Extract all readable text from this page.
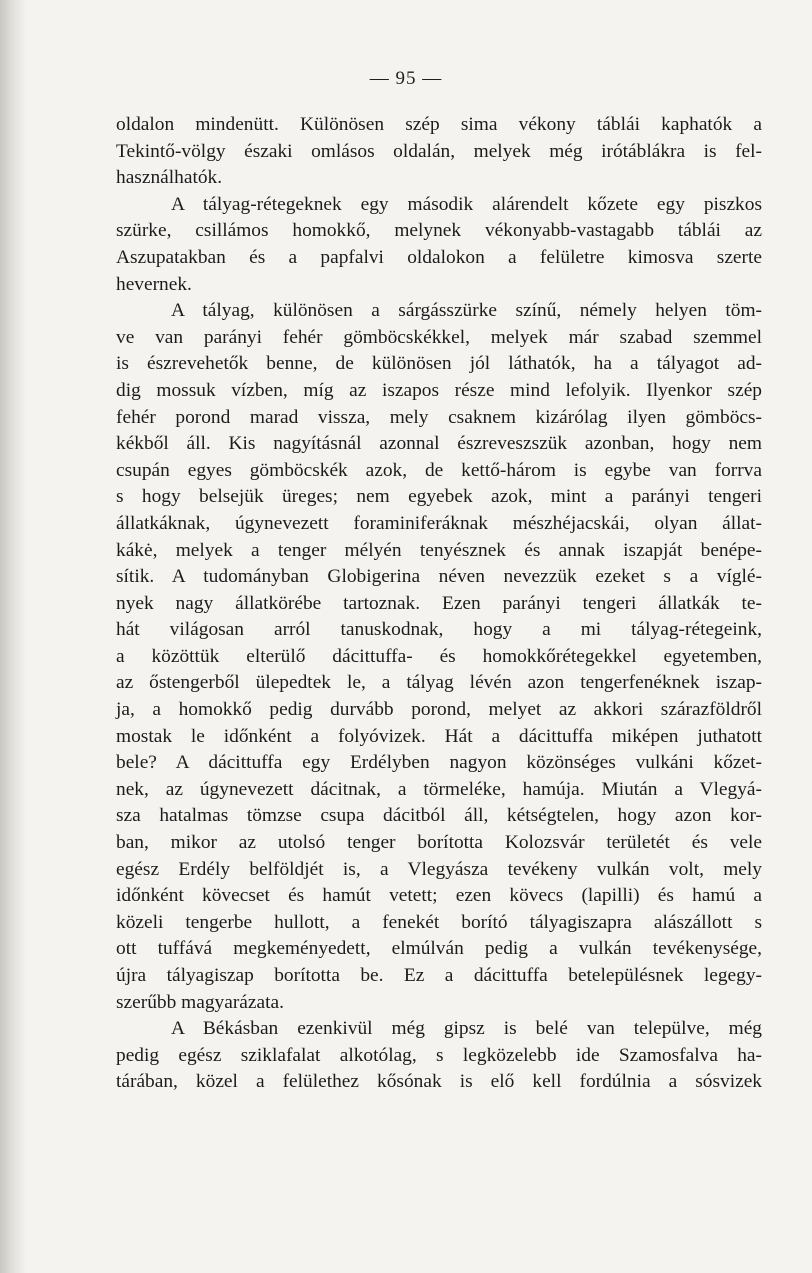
— 95 —
oldalon mindenütt. Különösen szép sima vékony táblái kaphatók a
Tekintő-völgy északi omlásos oldalán, melyek még irótáblákra is fel-
használhatók.
A tályag-rétegeknek egy második alárendelt kőzete egy piszkos
szürke, csillámos homokkő, melynek vékonyabb-vastagabb táblái az
Aszupatakban és a papfalvi oldalokon a felületre kimosva szerte
hevernek.
A tályag, különösen a sárgásszürke színű, némely helyen töm-
ve van parányi fehér gömböcskékkel, melyek már szabad szemmel
is észrevehetők benne, de különösen jól láthatók, ha a tályagot ad-
dig mossuk vízben, míg az iszapos része mind lefolyik. Ilyenkor szép
fehér porond marad vissza, mely csaknem kizárólag ilyen gömböcs-
kékből áll. Kis nagyításnál azonnal észreveszszük azonban, hogy nem
csupán egyes gömböcskék azok, de kettő-három is egybe van forrva
s hogy belsejük üreges; nem egyebek azok, mint a parányi tengeri
állatkáknak, úgynevezett foraminiferáknak mészhéjacskái, olyan állat-
kákė, melyek a tenger mélyén tenyésznek és annak iszapját benépe-
sítik. A tudományban Globigerina néven nevezzük ezeket s a víglé-
nyek nagy állatkörébe tartoznak. Ezen parányi tengeri állatkák te-
hát világosan arról tanuskodnak, hogy a mi tályag-rétegeink,
a közöttük elterülő dácittuffa- és homokkőrétegekkel egyetemben,
az őstengerből ülepedtek le, a tályag lévén azon tengerfenéknek iszap-
ja, a homokkő pedig durvább porond, melyet az akkori szárazföldről
mostak le időnként a folyóvizek. Hát a dácittuffa miképen juthatott
bele? A dácittuffa egy Erdélyben nagyon közönséges vulkáni kőzet-
nek, az úgynevezett dácitnak, a törmeléke, hamúja. Miután a Vlegyá-
sza hatalmas tömzse csupa dácitból áll, kétségtelen, hogy azon kor-
ban, mikor az utolsó tenger borította Kolozsvár területét és vele
egész Erdély belföldjét is, a Vlegyásza tevékeny vulkán volt, mely
időnként kövecset és hamút vetett; ezen kövecs (lapilli) és hamú a
közeli tengerbe hullott, a fenekét borító tályagiszapra alászállott s
ott tuffává megkeményedett, elmúlván pedig a vulkán tevékenysége,
újra tályagiszap borította be. Ez a dácittuffa betelepülésnek legegy-
szerűbb magyarázata.
A Békásban ezenkivül még gipsz is belé van települve, még
pedig egész sziklafalat alkotólag, s legközelebb ide Szamosfalva ha-
tárában, közel a felülethez kősónak is elő kell fordúlnia a sósvizek
